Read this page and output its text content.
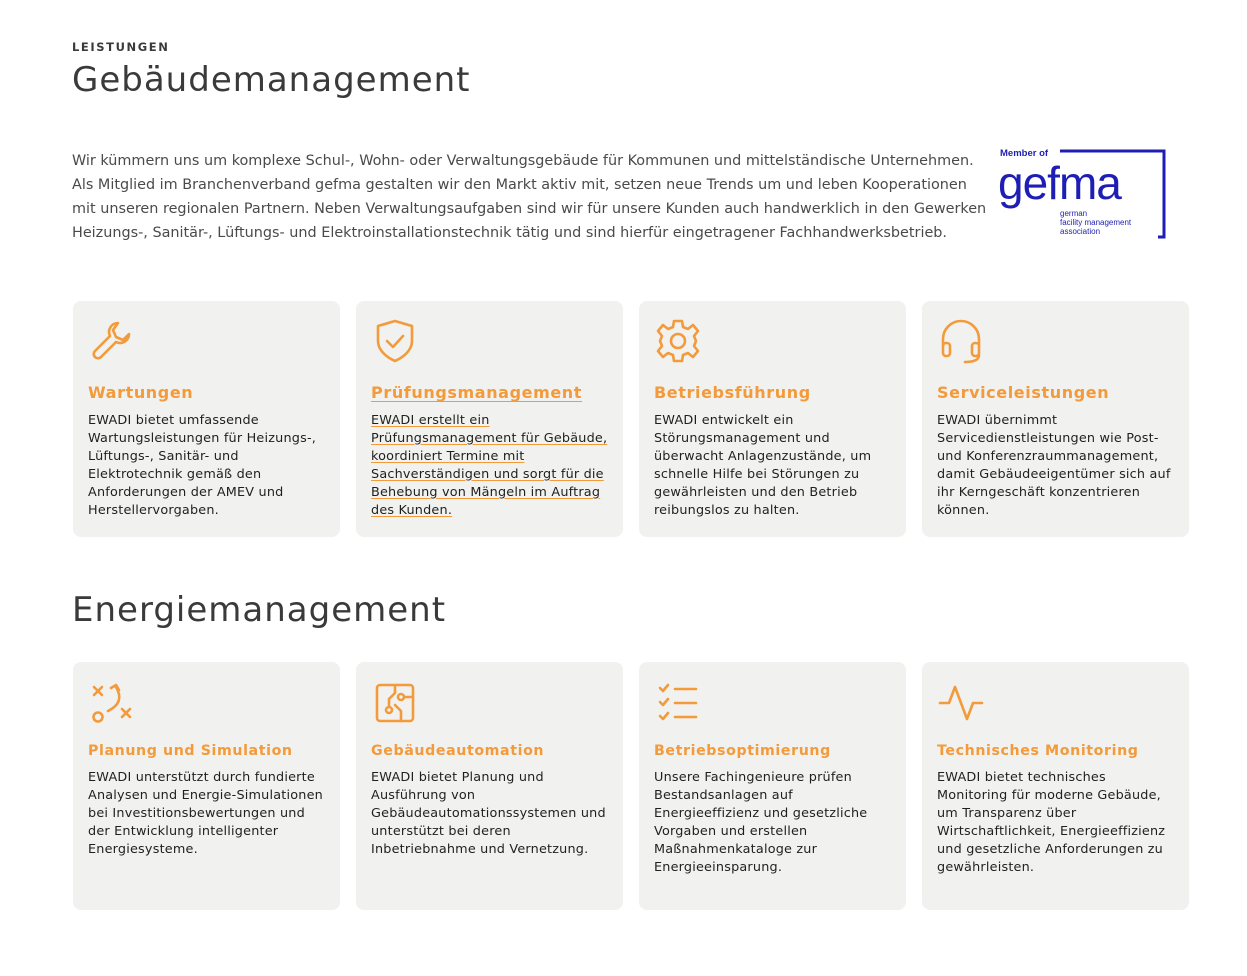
LEISTUNGEN
Gebäudemanagement

Wir kümmern uns um komplexe Schul-, Wohn- oder Verwaltungsgebäude für Kommunen und mittelständische Unternehmen. Als Mitglied im Branchenverband gefma gestalten wir den Markt aktiv mit, setzen neue Trends um und leben Kooperationen mit unseren regionalen Partnern. Neben Verwaltungsaufgaben sind wir für unsere Kunden auch handwerklich in den Gewerken Heizungs-, Sanitär-, Lüftungs- und Elektroinstallationstechnik tätig und sind hierfür eingetragener Fachhandwerksbetrieb.

Member of
gefma
german
facility management
association
Wartungen

EWADI bietet umfassende Wartungsleistungen für Heizungs-, Lüftungs-, Sanitär- und Elektrotechnik gemäß den Anforderungen der AMEV und Herstellervorgaben.

Prüfungsmanagement

EWADI erstellt ein Prüfungsmanagement für Gebäude, koordiniert Termine mit Sachverständigen und sorgt für die Behebung von Mängeln im Auftrag des Kunden.

Betriebsführung

EWADI entwickelt ein Störungsmanagement und überwacht Anlagenzustände, um schnelle Hilfe bei Störungen zu gewährleisten und den Betrieb reibungslos zu halten.

Serviceleistungen

EWADI übernimmt Servicedienstleistungen wie Post- und Konferenzraummanagement, damit Gebäudeeigentümer sich auf ihr Kerngeschäft konzentrieren können.

Energiemanagement
Planung und Simulation

EWADI unterstützt durch fundierte Analysen und Energie-Simulationen bei Investitionsbewertungen und der Entwicklung intelligenter Energiesysteme.

Gebäudeautomation

EWADI bietet Planung und Ausführung von Gebäudeautomationssystemen und unterstützt bei deren Inbetriebnahme und Vernetzung.

Betriebsoptimierung

Unsere Fachingenieure prüfen Bestandsanlagen auf Energieeffizienz und gesetzliche Vorgaben und erstellen Maßnahmenkataloge zur Energieeinsparung.

Technisches Monitoring

EWADI bietet technisches Monitoring für moderne Gebäude, um Transparenz über Wirtschaftlichkeit, Energieeffizienz und gesetzliche Anforderungen zu gewährleisten.
